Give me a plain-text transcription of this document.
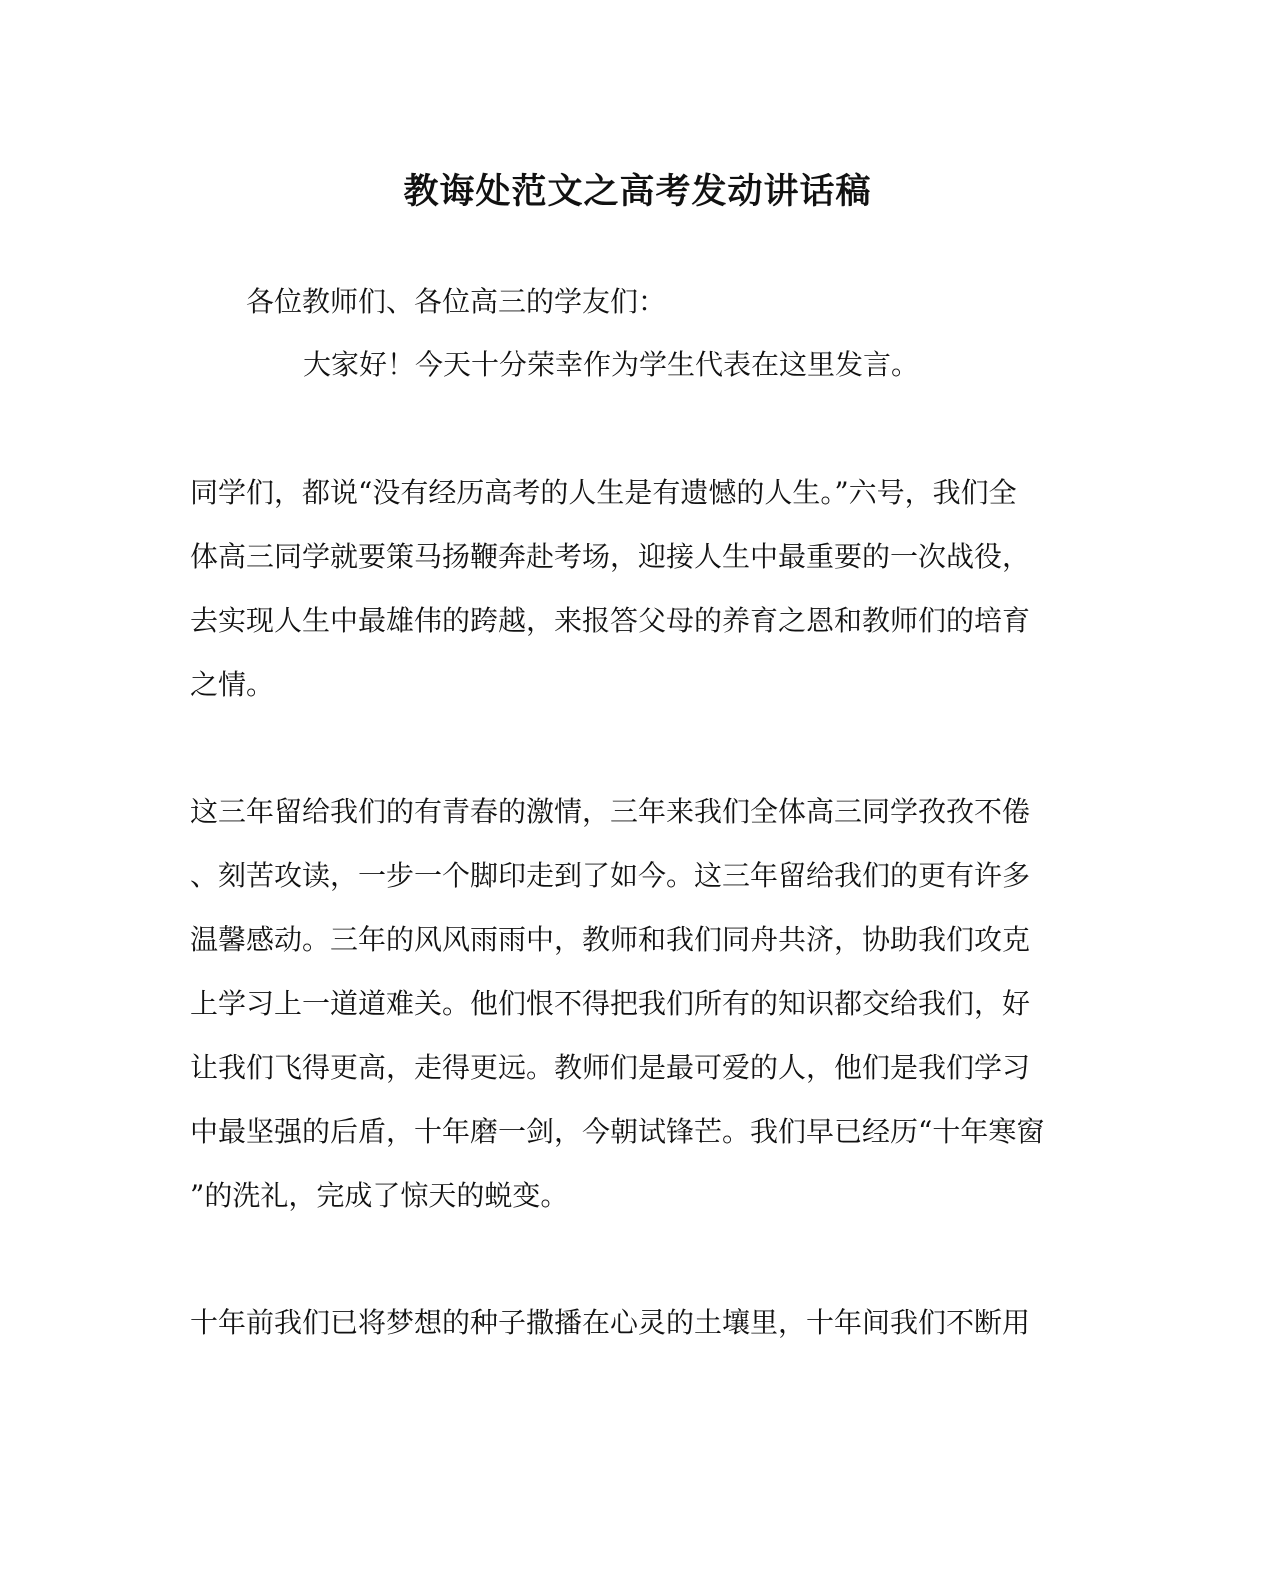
教诲处范文之高考发动讲话稿
各位教师们、各位高三的学友们：
大家好！今天十分荣幸作为学生代表在这里发言。
同学们，都说“没有经历高考的人生是有遗憾的人生。”六号，我们全
体高三同学就要策马扬鞭奔赴考场，迎接人生中最重要的一次战役，
去实现人生中最雄伟的跨越，来报答父母的养育之恩和教师们的培育
之情。
这三年留给我们的有青春的激情，三年来我们全体高三同学孜孜不倦
、刻苦攻读，一步一个脚印走到了如今。这三年留给我们的更有许多
温馨感动。三年的风风雨雨中，教师和我们同舟共济，协助我们攻克
上学习上一道道难关。他们恨不得把我们所有的知识都交给我们，好
让我们飞得更高，走得更远。教师们是最可爱的人，他们是我们学习
中最坚强的后盾，十年磨一剑，今朝试锋芒。我们早已经历“十年寒窗
”的洗礼，完成了惊天的蜕变。
十年前我们已将梦想的种子撒播在心灵的土壤里，十年间我们不断用
